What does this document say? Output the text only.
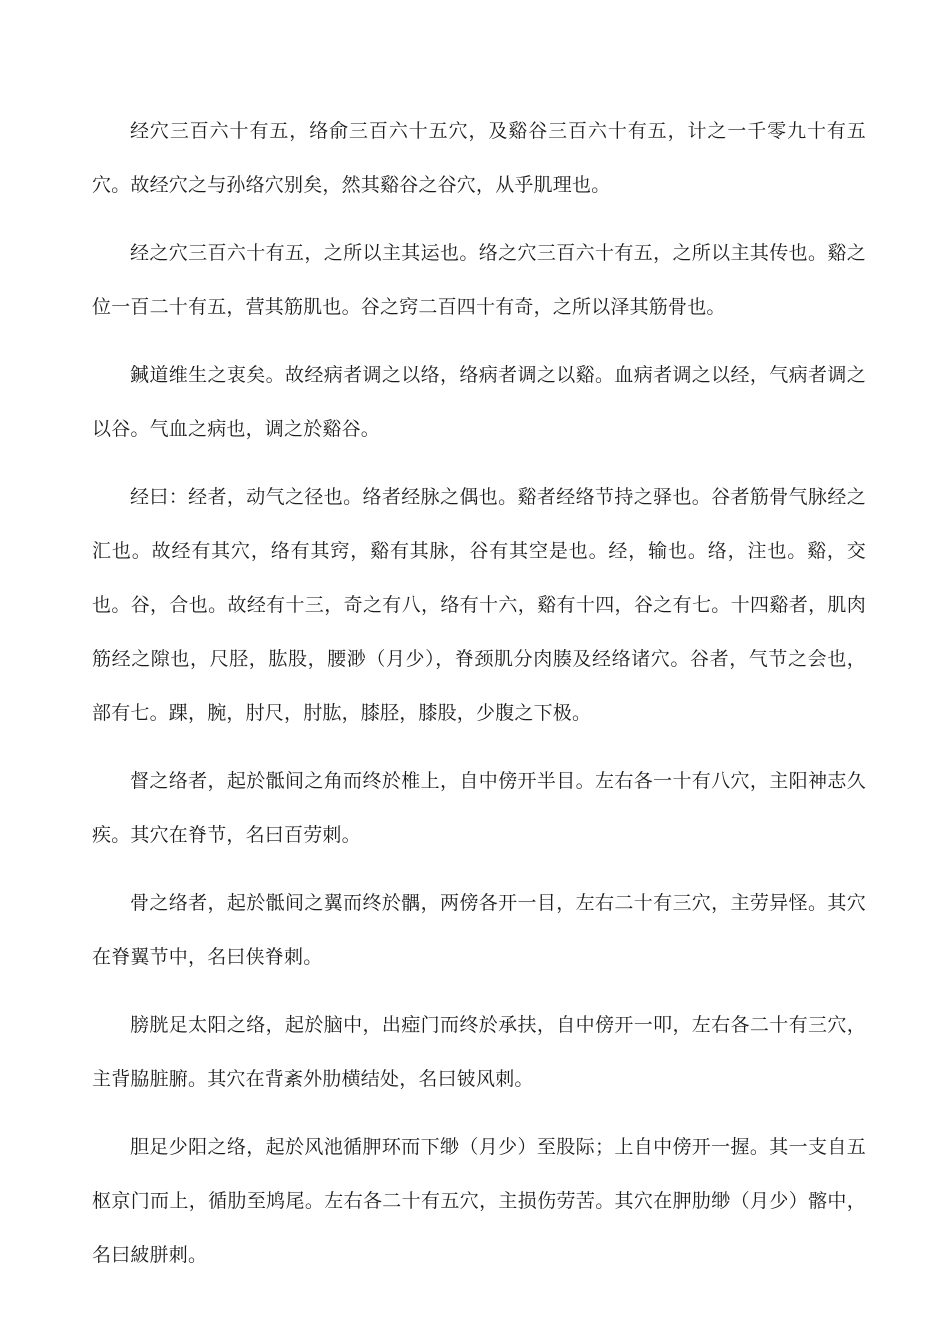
经穴三百六十有五，络俞三百六十五穴，及谿谷三百六十有五，计之一千零九十有五穴。故经穴之与孙络穴别矣，然其谿谷之谷穴，从乎肌理也。

经之穴三百六十有五，之所以主其运也。络之穴三百六十有五，之所以主其传也。谿之位一百二十有五，营其筋肌也。谷之窍二百四十有奇，之所以泽其筋骨也。

鍼道维生之衷矣。故经病者调之以络，络病者调之以谿。血病者调之以经，气病者调之以谷。气血之病也，调之於谿谷。

经曰：经者，动气之径也。络者经脉之偶也。谿者经络节持之驿也。谷者筋骨气脉经之汇也。故经有其穴，络有其窍，谿有其脉，谷有其空是也。经，输也。络，注也。谿，交也。谷，合也。故经有十三，奇之有八，络有十六，谿有十四，谷之有七。十四谿者，肌肉筋经之隙也，尺胫，肱股，腰渺（月少），脊颈肌分肉腠及经络诸穴。谷者，气节之会也，部有七。踝，腕，肘尺，肘肱，膝胫，膝股，少腹之下极。

督之络者，起於骶间之角而终於椎上，自中傍开半目。左右各一十有八穴，主阳神志久疾。其穴在脊节，名曰百劳刺。

骨之络者，起於骶间之翼而终於髃，两傍各开一目，左右二十有三穴，主劳异怪。其穴在脊翼节中，名曰侠脊刺。

膀胱足太阳之络，起於脑中，出瘂门而终於承扶，自中傍开一叩，左右各二十有三穴，主背脇脏腑。其穴在背紊外肋横结处，名曰铍风刺。

胆足少阳之络，起於风池循胛环而下缈（月少）至股际；上自中傍开一握。其一支自五枢京门而上，循肋至鸠尾。左右各二十有五穴，主损伤劳苦。其穴在胛肋缈（月少）髂中，名曰紴胼刺。
